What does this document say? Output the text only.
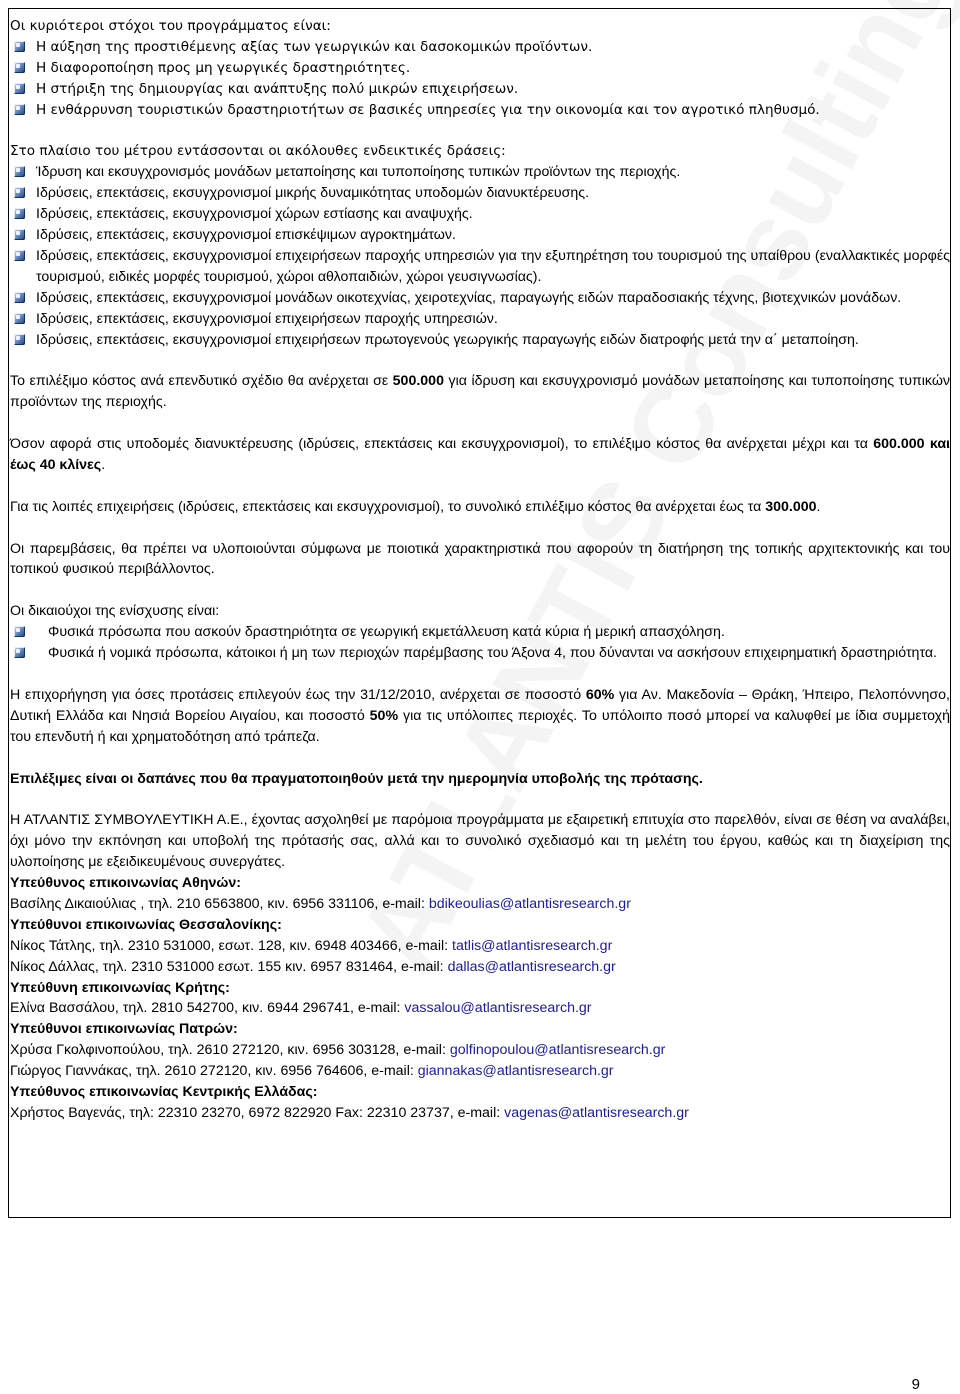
Οι κυριότεροι στόχοι του προγράμματος είναι:

Η αύξηση της προστιθέμενης αξίας των γεωργικών και δασοκομικών προϊόντων.
Η διαφοροποίηση προς μη γεωργικές δραστηριότητες.
Η στήριξη της δημιουργίας και ανάπτυξης πολύ μικρών επιχειρήσεων.
Η ενθάρρυνση τουριστικών δραστηριοτήτων σε βασικές υπηρεσίες για την οικονομία και τον αγροτικό πληθυσμό.

Στο πλαίσιο του μέτρου εντάσσονται οι ακόλουθες ενδεικτικές δράσεις:

Ίδρυση και εκσυγχρονισμός μονάδων μεταποίησης και τυποποίησης τυπικών προϊόντων της περιοχής.
Ιδρύσεις, επεκτάσεις, εκσυγχρονισμοί μικρής δυναμικότητας υποδομών διανυκτέρευσης.
Ιδρύσεις, επεκτάσεις, εκσυγχρονισμοί χώρων εστίασης και αναψυχής.
Ιδρύσεις, επεκτάσεις, εκσυγχρονισμοί επισκέψιμων αγροκτημάτων.
Ιδρύσεις, επεκτάσεις, εκσυγχρονισμοί επιχειρήσεων παροχής υπηρεσιών για την εξυπηρέτηση του τουρισμού της υπαίθρου (εναλλακτικές μορφές τουρισμού, ειδικές μορφές τουρισμού, χώροι αθλοπαιδιών, χώροι γευσιγνωσίας).
Ιδρύσεις, επεκτάσεις, εκσυγχρονισμοί μονάδων οικοτεχνίας, χειροτεχνίας, παραγωγής ειδών παραδοσιακής τέχνης, βιοτεχνικών μονάδων.
Ιδρύσεις, επεκτάσεις, εκσυγχρονισμοί επιχειρήσεων παροχής υπηρεσιών.
Ιδρύσεις, επεκτάσεις, εκσυγχρονισμοί επιχειρήσεων πρωτογενούς γεωργικής παραγωγής ειδών διατροφής μετά την α΄ μεταποίηση.

Το επιλέξιμο κόστος ανά επενδυτικό σχέδιο θα ανέρχεται σε 500.000 για ίδρυση και εκσυγχρονισμό μονάδων μεταποίησης και τυποποίησης τυπικών προϊόντων της περιοχής.

Όσον αφορά στις υποδομές διανυκτέρευσης (ιδρύσεις, επεκτάσεις και εκσυγχρονισμοί), το επιλέξιμο κόστος θα ανέρχεται μέχρι και τα 600.000 και έως 40 κλίνες.

Για τις λοιπές επιχειρήσεις (ιδρύσεις, επεκτάσεις και εκσυγχρονισμοί), το συνολικό επιλέξιμο κόστος θα ανέρχεται έως τα 300.000.

Οι παρεμβάσεις, θα πρέπει να υλοποιούνται σύμφωνα με ποιοτικά χαρακτηριστικά που αφορούν τη διατήρηση της τοπικής αρχιτεκτονικής και του τοπικού φυσικού περιβάλλοντος.

Οι δικαιούχοι της ενίσχυσης είναι:

Φυσικά πρόσωπα που ασκούν δραστηριότητα σε γεωργική εκμετάλλευση κατά κύρια ή μερική απασχόληση.
Φυσικά ή νομικά πρόσωπα, κάτοικοι ή μη των περιοχών παρέμβασης του Άξονα 4, που δύνανται να ασκήσουν επιχειρηματική δραστηριότητα.

Η επιχορήγηση για όσες προτάσεις επιλεγούν έως την 31/12/2010, ανέρχεται σε ποσοστό 60% για Αν. Μακεδονία – Θράκη, Ήπειρο, Πελοπόννησο, Δυτική Ελλάδα και Νησιά Βορείου Αιγαίου, και ποσοστό 50% για τις υπόλοιπες περιοχές. Το υπόλοιπο ποσό μπορεί να καλυφθεί με ίδια συμμετοχή του επενδυτή ή και χρηματοδότηση από τράπεζα.

Επιλέξιμες είναι οι δαπάνες που θα πραγματοποιηθούν μετά την ημερομηνία υποβολής της πρότασης.

Η ΑΤΛΑΝΤΙΣ ΣΥΜΒΟΥΛΕΥΤΙΚΗ Α.Ε., έχοντας ασχοληθεί με παρόμοια προγράμματα με εξαιρετική επιτυχία στο παρελθόν, είναι σε θέση να αναλάβει, όχι μόνο την εκπόνηση και υποβολή της πρότασής σας, αλλά και το συνολικό σχεδιασμό και τη μελέτη του έργου, καθώς και τη διαχείριση της υλοποίησης με εξειδικευμένους συνεργάτες.

Υπεύθυνος επικοινωνίας Αθηνών:
Βασίλης Δικαιούλιας , τηλ. 210 6563800, κιν. 6956 331106, e-mail: bdikeoulias@atlantisresearch.gr
Υπεύθυνοι επικοινωνίας Θεσσαλονίκης:
Νίκος Τάτλης, τηλ. 2310 531000, εσωτ. 128, κιν. 6948 403466, e-mail: tatlis@atlantisresearch.gr
Νίκος Δάλλας, τηλ. 2310 531000 εσωτ. 155 κιν. 6957 831464, e-mail: dallas@atlantisresearch.gr
Υπεύθυνη επικοινωνίας Κρήτης:
Ελίνα Βασσάλου, τηλ. 2810 542700, κιν. 6944 296741, e-mail: vassalou@atlantisresearch.gr
Υπεύθυνοι επικοινωνίας Πατρών:
Χρύσα Γκολφινοπούλου, τηλ. 2610 272120, κιν. 6956 303128, e-mail: golfinopoulou@atlantisresearch.gr
Γιώργος Γιαννάκας, τηλ. 2610 272120, κιν. 6956 764606, e-mail: giannakas@atlantisresearch.gr
Υπεύθυνος επικοινωνίας Κεντρικής Ελλάδας:
Χρήστος Βαγενάς, τηλ: 22310 23270, 6972 822920 Fax: 22310 23737, e-mail: vagenas@atlantisresearch.gr
9
